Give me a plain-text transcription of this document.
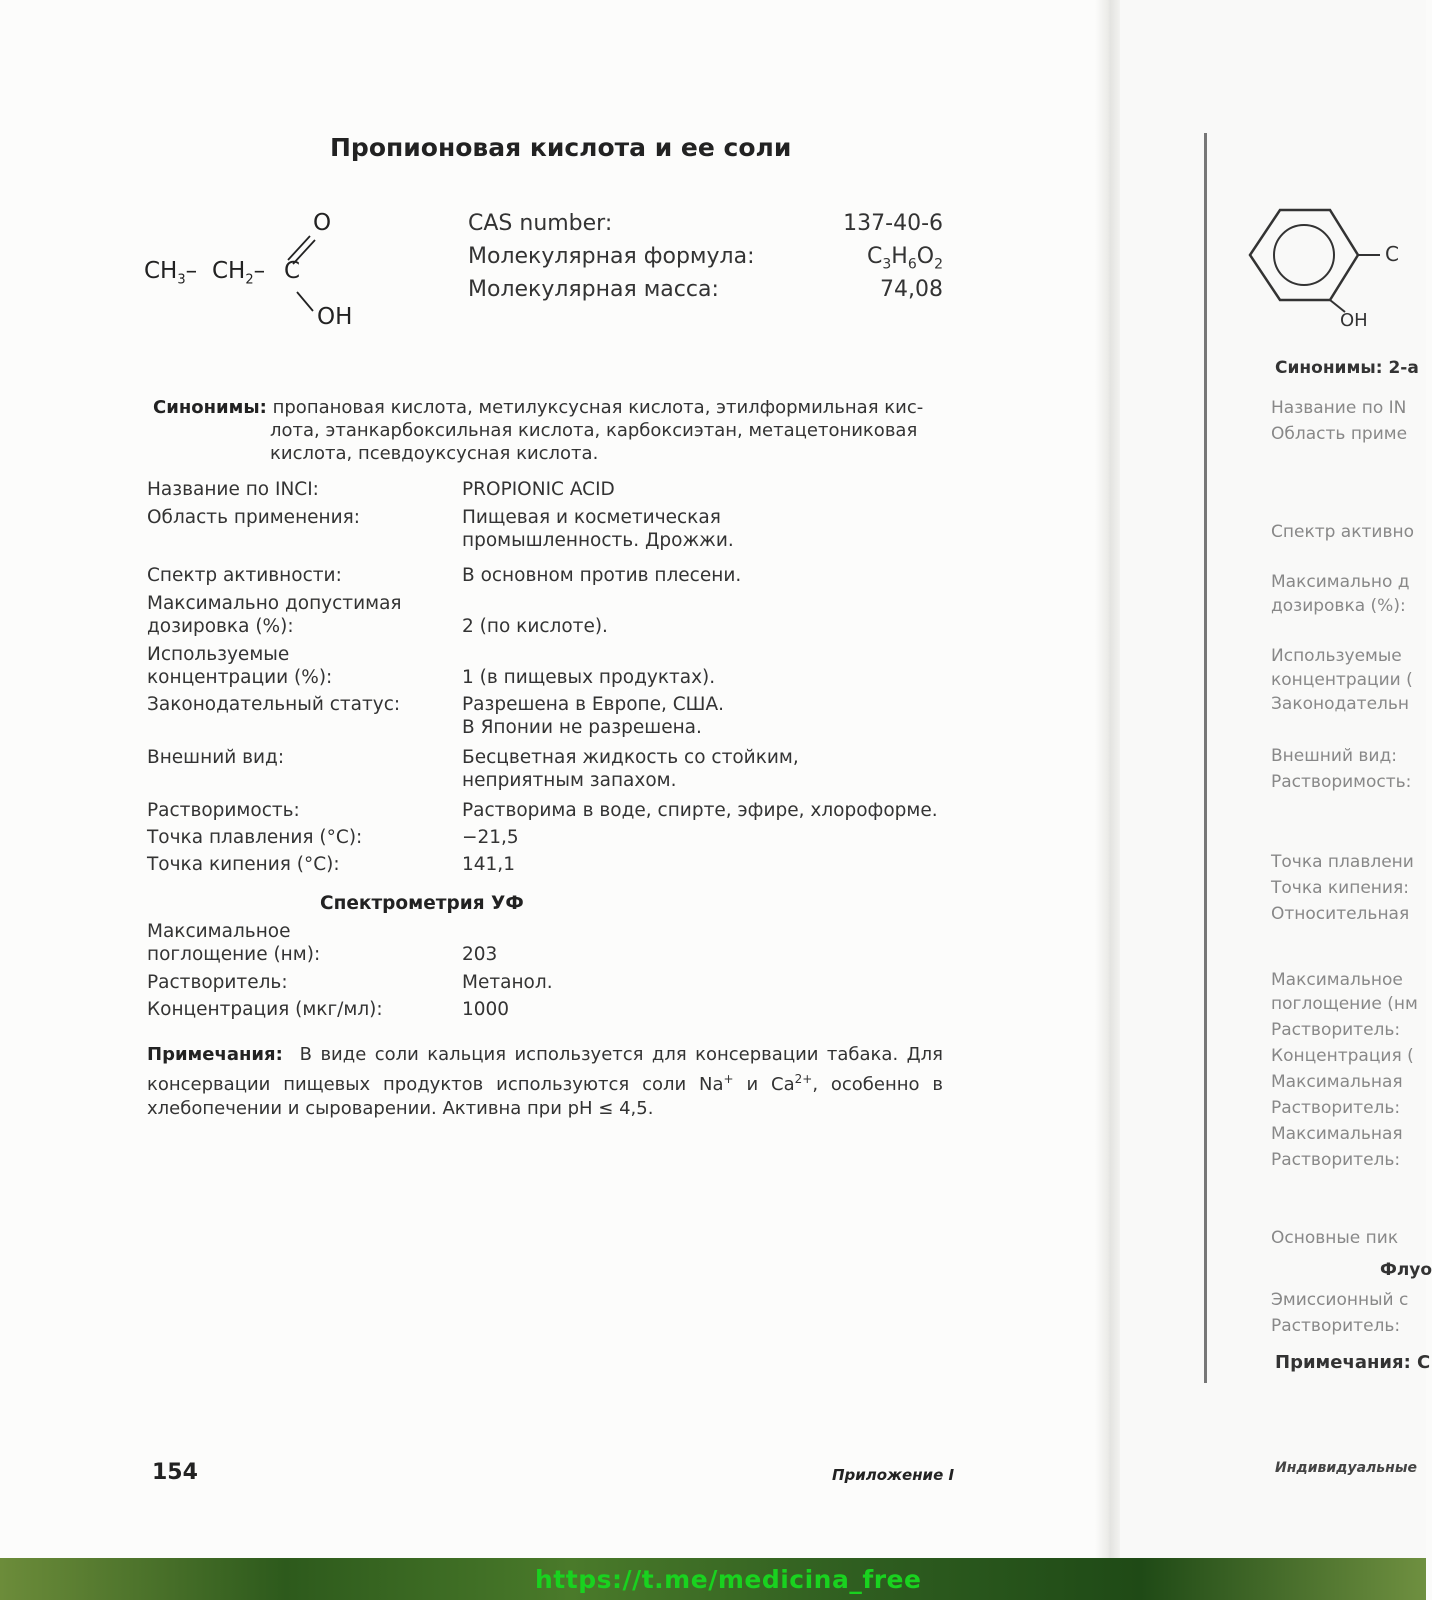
Пропионовая кислота и ее соли
O
$CH_3-$ $CH_2-$ C
OH
CAS number:	137-40-6
Молекулярная формула:	$C_3H_6O_2$
Молекулярная масса:	74,08
Синонимы: пропановая кислота, метилуксусная кислота, этилформильная кис-
лота, этанкарбоксильная кислота, карбоксиэтан, метацетониковая
кислота, псевдоуксусная кислота.
Название по INCI:	PROPIONIC ACID
Область применения:	Пищевая и косметическая промышленность. Дрожжи.
Спектр активности:	В основном против плесени.
Максимально допустимая дозировка (%):	2 (по кислоте).
Используемые концентрации (%):	1 (в пищевых продуктах).
Законодательный статус:	Разрешена в Европе, США. В Японии не разрешена.
Внешний вид:	Бесцветная жидкость со стойким, неприятным запахом.
Растворимость:	Растворима в воде, спирте, эфире, хлороформе.
Точка плавления (°С):	−21,5
Точка кипения (°С):	141,1
Спектрометрия УФ
Максимальное поглощение (нм):	203
Растворитель:	Метанол.
Концентрация (мкг/мл):	1000
Примечания: В виде соли кальция используется для консервации табака. Для консервации пищевых продуктов используются соли Na+ и $Ca^{2+}$, особенно в хлебопечении и сыроварении. Активна при pH ≤ 4,5.
154	Приложение I
C
OH
Синонимы: 2-а
Название по IN
Область приме
Спектр активно
Максимально д
дозировка (%):
Используемые
концентрации (
Законодательн
Внешний вид:
Растворимость:
Точка плавлени
Точка кипения:
Относительная
Максимальное
поглощение (нм
Растворитель:
Концентрация (
Максимальная
Растворитель:
Максимальная
Растворитель:
Основные пик
Флуо
Эмиссионный с
Растворитель:
Примечания: С
Индивидуальные
https://t.me/medicina_free
